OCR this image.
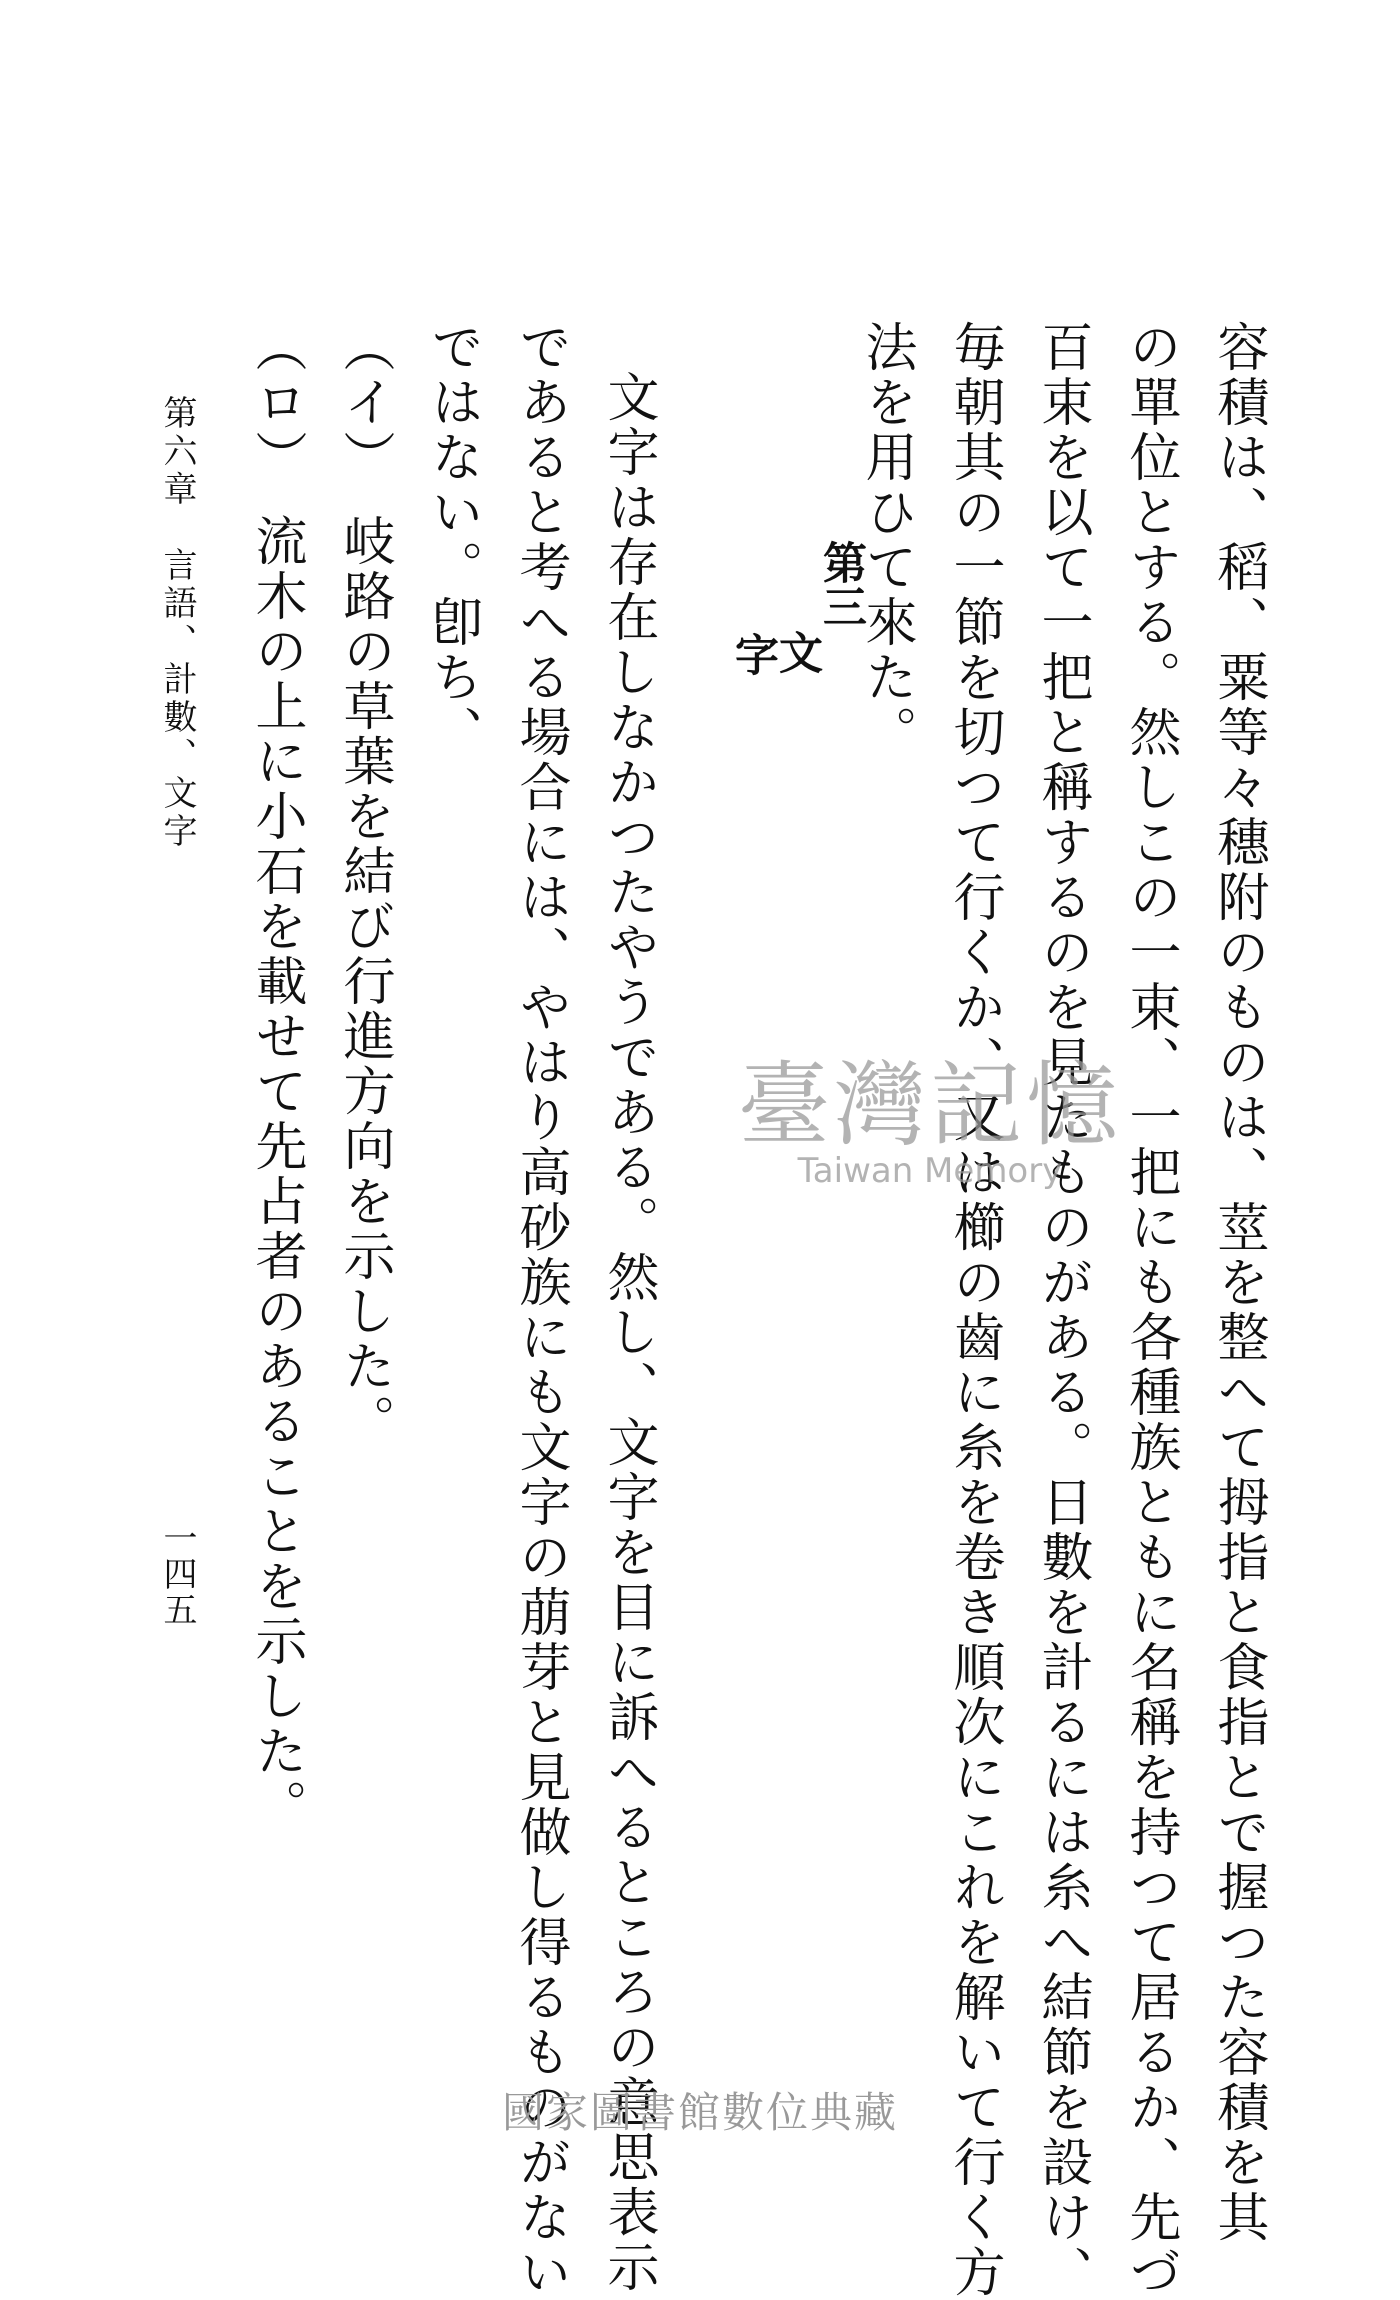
容積は、稻、粟等々穗附のものは、莖を整へて拇指と食指とで握つた容積を其
の單位とする。然しこの一束、一把にも各種族ともに名稱を持つて居るか、先づ
百束を以て一把と稱するのを見たものがある。日數を計るには糸へ結節を設け、
毎朝其の一節を切つて行くか、又は櫛の齒に糸を卷き順次にこれを解いて行く方
法を用ひて來た。
第三
文
字
文字は存在しなかつたやうである。然し、文字を目に訴へるところの意思表示
であると考へる場合には、やはり高砂族にも文字の萠芽と見做し得るものがない
ではない。卽ち、
（イ）　岐路の草葉を結び行進方向を示した。
（ロ）　流木の上に小石を載せて先占者のあることを示した。
第六章　言語、計數、文字
一四五
臺灣記憶
Taiwan Memory
國家圖書館數位典藏
